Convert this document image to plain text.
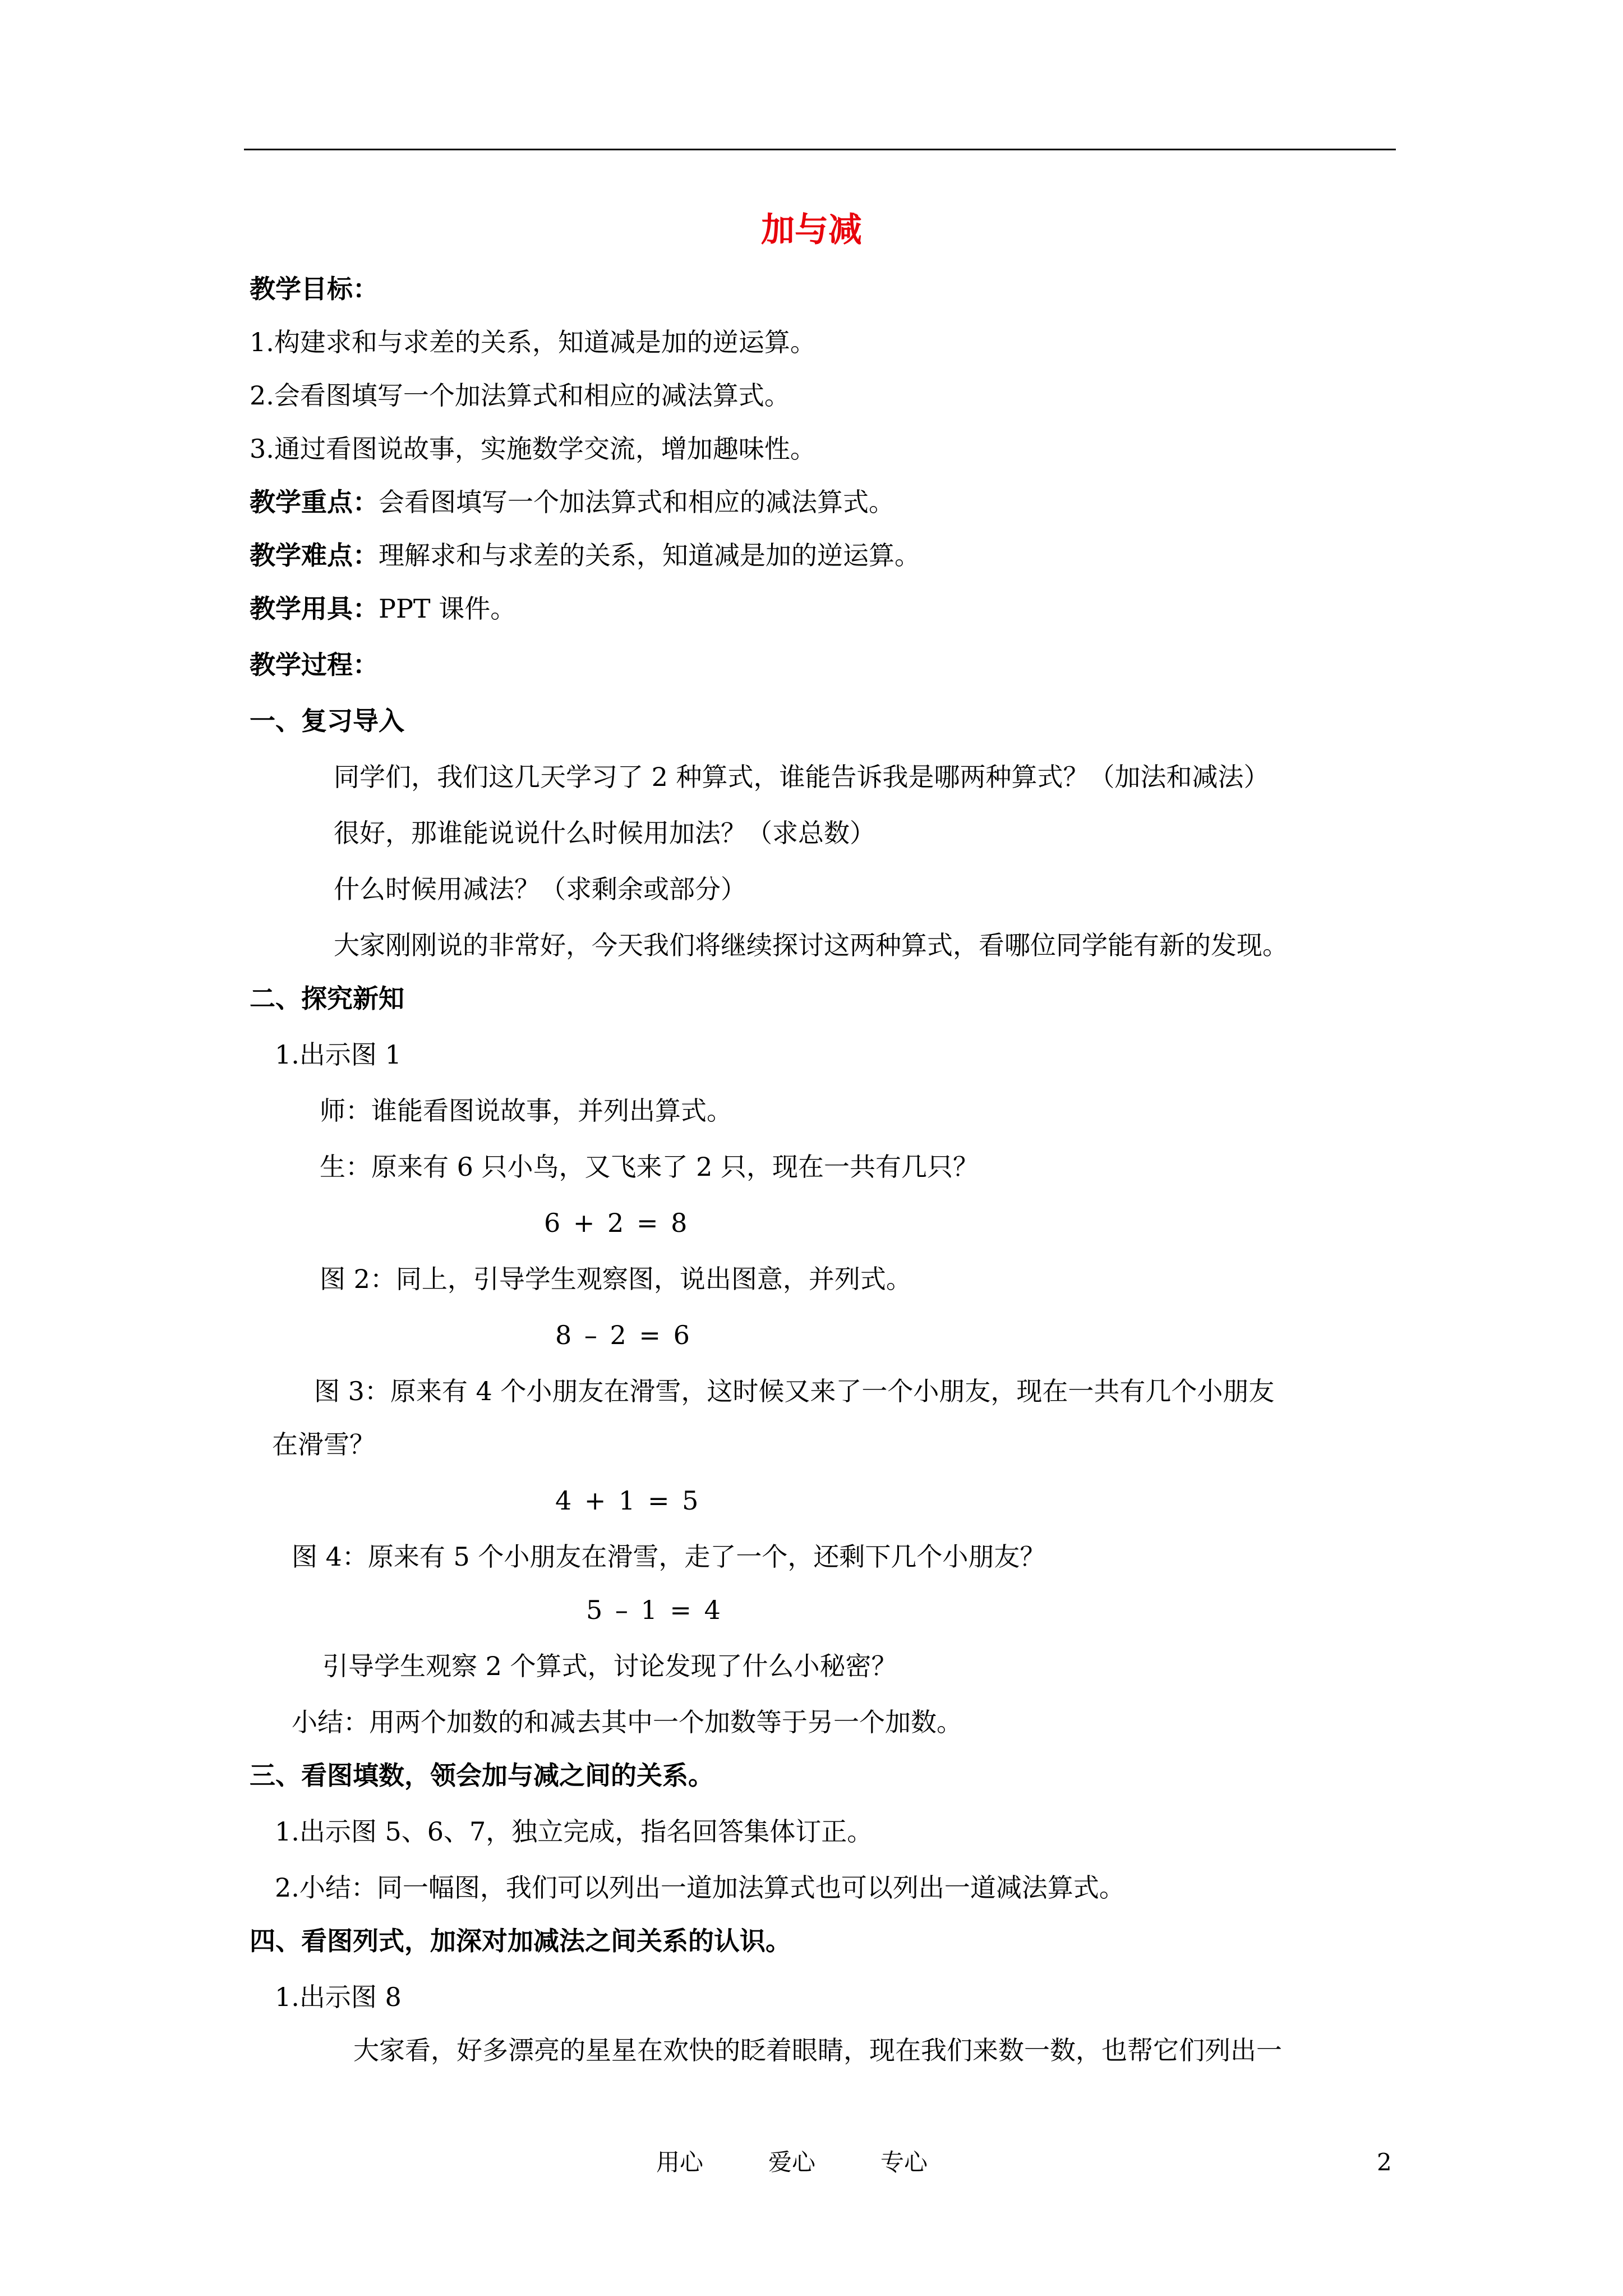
加与减
教学目标：
1.构建求和与求差的关系，知道减是加的逆运算。
2.会看图填写一个加法算式和相应的减法算式。
3.通过看图说故事，实施数学交流，增加趣味性。
教学重点：会看图填写一个加法算式和相应的减法算式。
教学难点：理解求和与求差的关系，知道减是加的逆运算。
教学用具：PPT 课件。
教学过程：
一、复习导入
同学们，我们这几天学习了 2 种算式，谁能告诉我是哪两种算式？（加法和减法）
很好，那谁能说说什么时候用加法？（求总数）
什么时候用减法？（求剩余或部分）
大家刚刚说的非常好，今天我们将继续探讨这两种算式，看哪位同学能有新的发现。
二、探究新知
1.出示图 1
师：谁能看图说故事，并列出算式。
生：原来有 6 只小鸟，又飞来了 2 只，现在一共有几只？
6 + 2 = 8
图 2：同上，引导学生观察图，说出图意，并列式。
8 – 2 = 6
图 3：原来有 4 个小朋友在滑雪，这时候又来了一个小朋友，现在一共有几个小朋友
在滑雪？
4 + 1 = 5
图 4：原来有 5 个小朋友在滑雪，走了一个，还剩下几个小朋友？
5 – 1 = 4
引导学生观察 2 个算式，讨论发现了什么小秘密？
小结：用两个加数的和减去其中一个加数等于另一个加数。
三、看图填数，领会加与减之间的关系。
1.出示图 5、6、7，独立完成，指名回答集体订正。
2.小结：同一幅图，我们可以列出一道加法算式也可以列出一道减法算式。
四、看图列式，加深对加减法之间关系的认识。
1.出示图 8
大家看，好多漂亮的星星在欢快的眨着眼睛，现在我们来数一数，也帮它们列出一
用心	爱心	专心	2
